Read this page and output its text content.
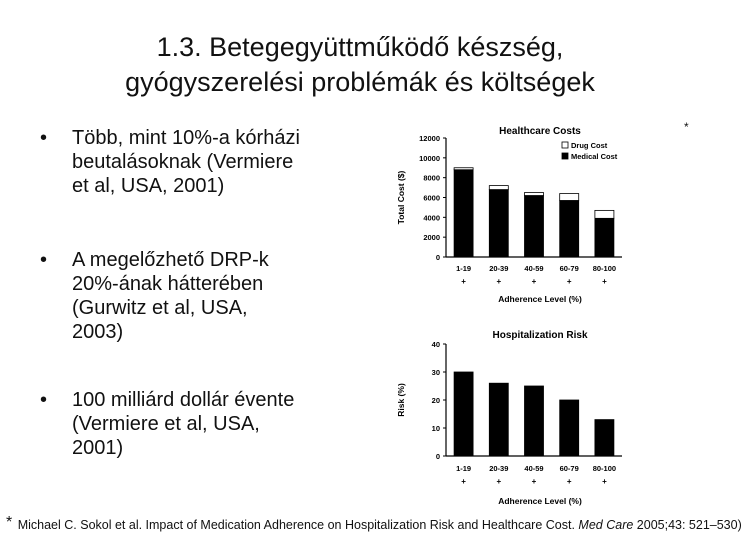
1.3. Betegegyüttműködő készség,
gyógyszerelési problémák és költségek
• Több, mint 10%-a kórházi
beutalásoknak (Vermiere
et al, USA, 2001)
• A megelőzhető DRP-k
20%-ának hátterében
(Gurwitz et al, USA,
2003)
• 100 milliárd dollár évente
(Vermiere et al, USA,
2001)
*
Healthcare Costs
0
2000
4000
6000
8000
10000
12000
Total Cost ($)
1-19
+
20-39
+
40-59
+
60-79
+
80-100
+
Adherence Level (%)
Drug Cost
Medical Cost
Hospitalization Risk
0
10
20
30
40
Risk (%)
1-19
+
20-39
+
40-59
+
60-79
+
80-100
+
Adherence Level (%)
* Michael C. Sokol et al. Impact of Medication Adherence on Hospitalization Risk and Healthcare Cost. Med Care 2005;43: 521–530)
